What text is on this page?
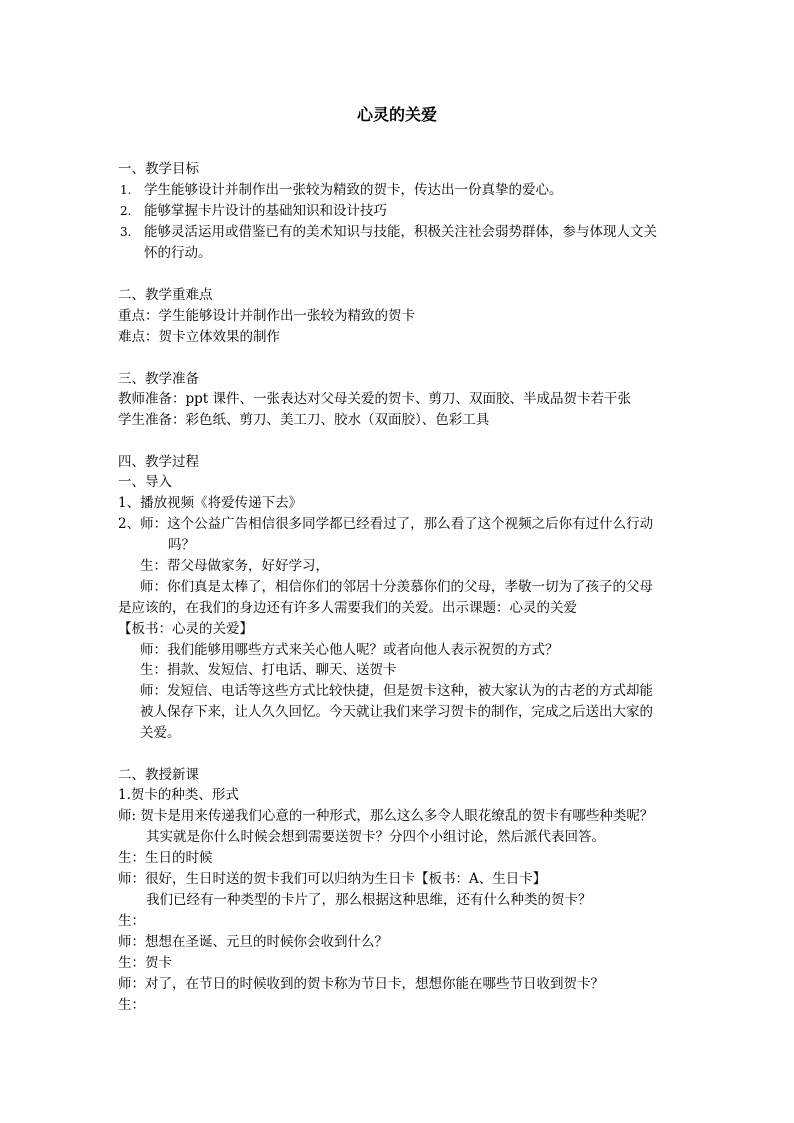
心灵的关爱
一、教学目标
1. 学生能够设计并制作出一张较为精致的贺卡，传达出一份真挚的爱心。
2. 能够掌握卡片设计的基础知识和设计技巧
3. 能够灵活运用或借鉴已有的美术知识与技能，积极关注社会弱势群体，参与体现人文关
怀的行动。
二、教学重难点
重点：学生能够设计并制作出一张较为精致的贺卡
难点：贺卡立体效果的制作
三、教学准备
教师准备：ppt 课件、一张表达对父母关爱的贺卡、剪刀、双面胶、半成品贺卡若干张
学生准备：彩色纸、剪刀、美工刀、胶水（双面胶）、色彩工具
四、教学过程
一、导入
1、播放视频《将爱传递下去》
2、师：这个公益广告相信很多同学都已经看过了，那么看了这个视频之后你有过什么行动
吗？
生：帮父母做家务，好好学习，
师：你们真是太棒了，相信你们的邻居十分羡慕你们的父母，孝敬一切为了孩子的父母
是应该的，在我们的身边还有许多人需要我们的关爱。出示课题：心灵的关爱
【板书：心灵的关爱】
师：我们能够用哪些方式来关心他人呢？或者向他人表示祝贺的方式？
生：捐款、发短信、打电话、聊天、送贺卡
师：发短信、电话等这些方式比较快捷，但是贺卡这种，被大家认为的古老的方式却能
被人保存下来，让人久久回忆。今天就让我们来学习贺卡的制作，完成之后送出大家的
关爱。
二、教授新课
1.贺卡的种类、形式
师: 贺卡是用来传递我们心意的一种形式，那么这么多令人眼花缭乱的贺卡有哪些种类呢？
其实就是你什么时候会想到需要送贺卡？分四个小组讨论，然后派代表回答。
生：生日的时候
师：很好，生日时送的贺卡我们可以归纳为生日卡【板书：A、生日卡】
我们已经有一种类型的卡片了，那么根据这种思维，还有什么种类的贺卡？
生：
师：想想在圣诞、元旦的时候你会收到什么？
生：贺卡
师：对了，在节日的时候收到的贺卡称为节日卡，想想你能在哪些节日收到贺卡？
生：
